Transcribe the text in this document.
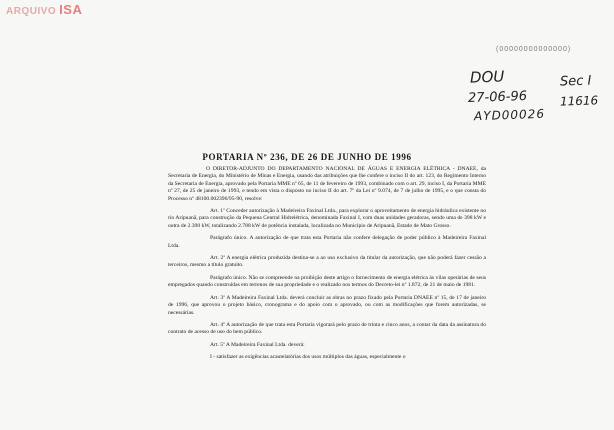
ARQUIVO ISA
(00000000000000)
DOU	Sec I
27-06-96	11616
AYD00026
PORTARIA Nº 236, DE 26 DE JUNHO DE 1996

O DIRETOR-ADJUNTO DO DEPARTAMENTO NACIONAL DE ÁGUAS E ENERGIA ELÉTRICA - DNAEE, da Secretaria de Energia, do Ministério de Minas e Energia, usando das atribuições que lhe confere o inciso II do art. 123, do Regimento Interno da Secretaria de Energia, aprovado pela Portaria MME nº 65, de 11 de fevereiro de 1993, combinado com o art. 29, inciso I, da Portaria MME nº 27, de 25 de janeiro de 1993, e tendo em vista o disposto no inciso II do art. 7º da Lei nº 9.074, de 7 de julho de 1995, e o que consta do Processo nº 48100.002396/95-90, resolve:

Art. 1º Conceder autorização à Madeireira Faxinal Ltda., para explorar o aproveitamento de energia hidráulica existente no rio Arípuanã, para construção da Pequena Central Hidrelétrica, denominada Faxinal I, com duas unidades geradoras, sendo uma de 398 kW e outra de 2.390 kW, totalizando 2.788 kW de potência instalada, localizada no Município de Aripuanã, Estado de Mato Grosso.

Parágrafo único. A autorização de que trata esta Portaria não confere delegação de poder público à Madeireira Faxinal Ltda.

Art. 2º A energia elétrica produzida destina-se a ao uso exclusivo da titular da autorização, que não poderá fazer cessão a terceiros, mesmo a título gratuito.

Parágrafo único. Não se compreende na proibição deste artigo o fornecimento de energia elétrica às vilas operárias de seus empregados quando construídas em terrenos de sua propriedade e o realizado nos termos do Decreto-lei nº 1.872, de 21 de maio de 1981.

Art. 3º A Madeireira Faxinal Ltda. deverá concluir as obras no prazo fixado pela Portaria DNAEE nº 15, de 17 de janeiro de 1996, que aprovou o projeto básico, cronograma e do apoio com o aprovado, ou com as modificações que forem autorizadas, se necessárias.

Art. 4º A autorização de que trata esta Portaria vigorará pelo prazo de trinta e cinco anos, a contar da data da assinatura do contrato de acesso de uso do bem público.

Art. 5º A Madeireira Faxinal Ltda. deverá:

I - satisfazer as exigências acautelatórias dos usos múltiplos das águas, especialmente o
